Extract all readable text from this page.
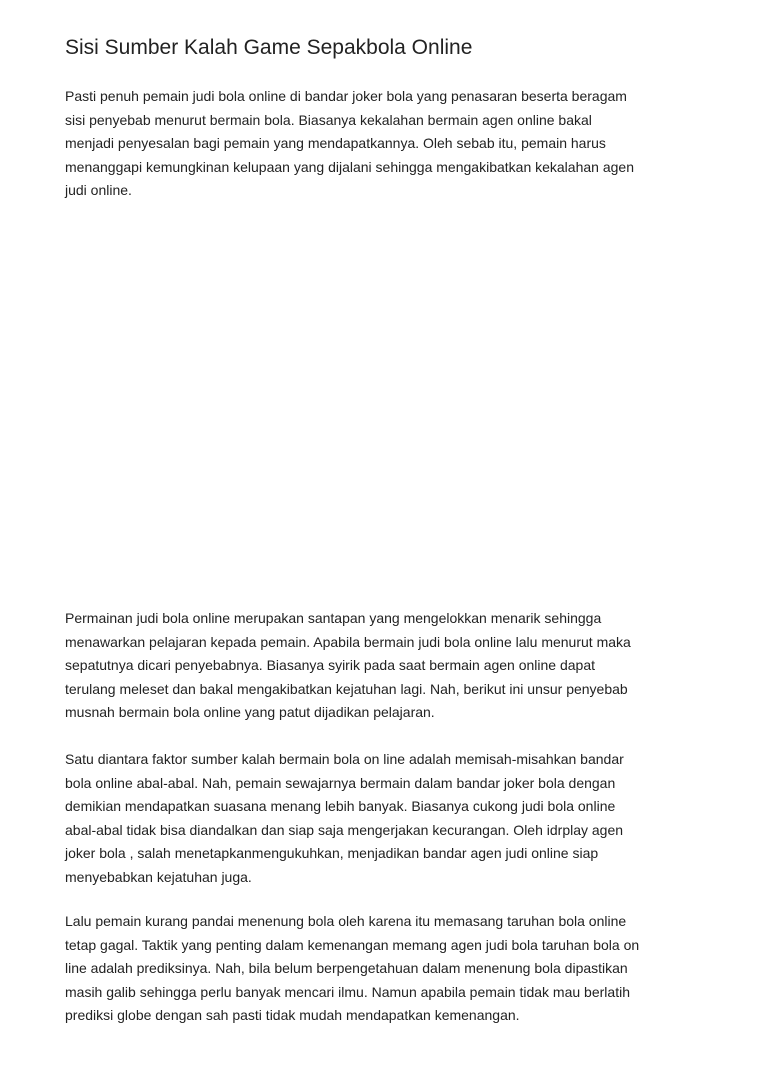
Sisi Sumber Kalah Game Sepakbola Online

Pasti penuh pemain judi bola online di bandar joker bola yang penasaran beserta beragam
sisi penyebab menurut bermain bola. Biasanya kekalahan bermain agen online bakal
menjadi penyesalan bagi pemain yang mendapatkannya. Oleh sebab itu, pemain harus
menanggapi kemungkinan kelupaan yang dijalani sehingga mengakibatkan kekalahan agen
judi online.

Permainan judi bola online merupakan santapan yang mengelokkan menarik sehingga
menawarkan pelajaran kepada pemain. Apabila bermain judi bola online lalu menurut maka
sepatutnya dicari penyebabnya. Biasanya syirik pada saat bermain agen online dapat
terulang meleset dan bakal mengakibatkan kejatuhan lagi. Nah, berikut ini unsur penyebab
musnah bermain bola online yang patut dijadikan pelajaran.

Satu diantara faktor sumber kalah bermain bola on line adalah memisah-misahkan bandar
bola online abal-abal. Nah, pemain sewajarnya bermain dalam bandar joker bola dengan
demikian mendapatkan suasana menang lebih banyak. Biasanya cukong judi bola online
abal-abal tidak bisa diandalkan dan siap saja mengerjakan kecurangan. Oleh idrplay agen
joker bola , salah menetapkanmengukuhkan, menjadikan bandar agen judi online siap
menyebabkan kejatuhan juga.

Lalu pemain kurang pandai menenung bola oleh karena itu memasang taruhan bola online
tetap gagal. Taktik yang penting dalam kemenangan memang agen judi bola taruhan bola on
line adalah prediksinya. Nah, bila belum berpengetahuan dalam menenung bola dipastikan
masih galib sehingga perlu banyak mencari ilmu. Namun apabila pemain tidak mau berlatih
prediksi globe dengan sah pasti tidak mudah mendapatkan kemenangan.
